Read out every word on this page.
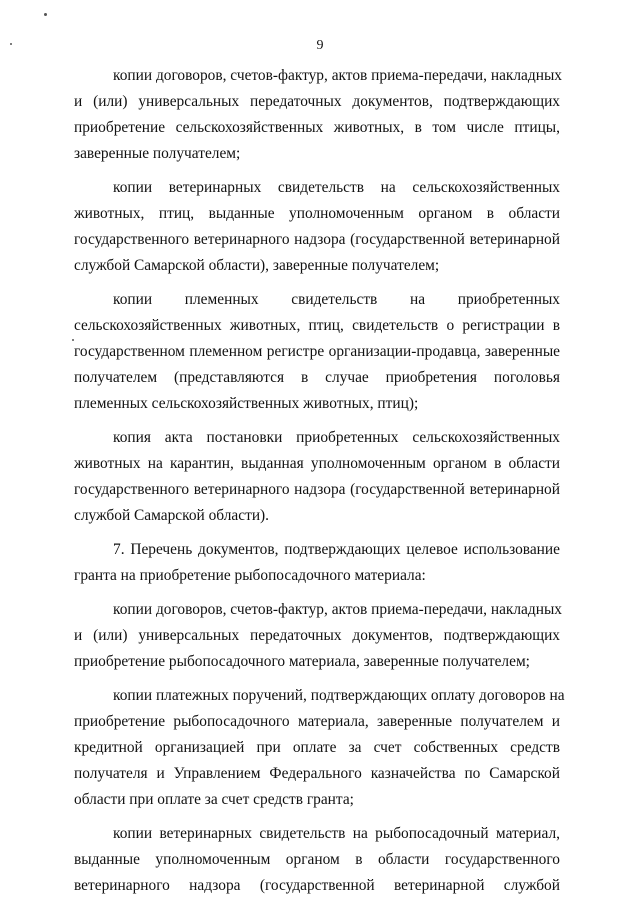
9

копии договоров, счетов-фактур, актов приема-передачи, накладных
и (или) универсальных передаточных документов, подтверждающих
приобретение сельскохозяйственных животных, в том числе птицы,
заверенные получателем;

копии ветеринарных свидетельств на сельскохозяйственных
животных, птиц, выданные уполномоченным органом в области
государственного ветеринарного надзора (государственной ветеринарной
службой Самарской области), заверенные получателем;

копии племенных свидетельств на приобретенных
сельскохозяйственных животных, птиц, свидетельств о регистрации в
государственном племенном регистре организации-продавца, заверенные
получателем (представляются в случае приобретения поголовья
племенных сельскохозяйственных животных, птиц);

копия акта постановки приобретенных сельскохозяйственных
животных на карантин, выданная уполномоченным органом в области
государственного ветеринарного надзора (государственной ветеринарной
службой Самарской области).

7. Перечень документов, подтверждающих целевое использование
гранта на приобретение рыбопосадочного материала:

копии договоров, счетов-фактур, актов приема-передачи, накладных
и (или) универсальных передаточных документов, подтверждающих
приобретение рыбопосадочного материала, заверенные получателем;

копии платежных поручений, подтверждающих оплату договоров на
приобретение рыбопосадочного материала, заверенные получателем и
кредитной организацией при оплате за счет собственных средств
получателя и Управлением Федерального казначейства по Самарской
области при оплате за счет средств гранта;

копии ветеринарных свидетельств на рыбопосадочный материал,
выданные уполномоченным органом в области государственного
ветеринарного надзора (государственной ветеринарной службой
